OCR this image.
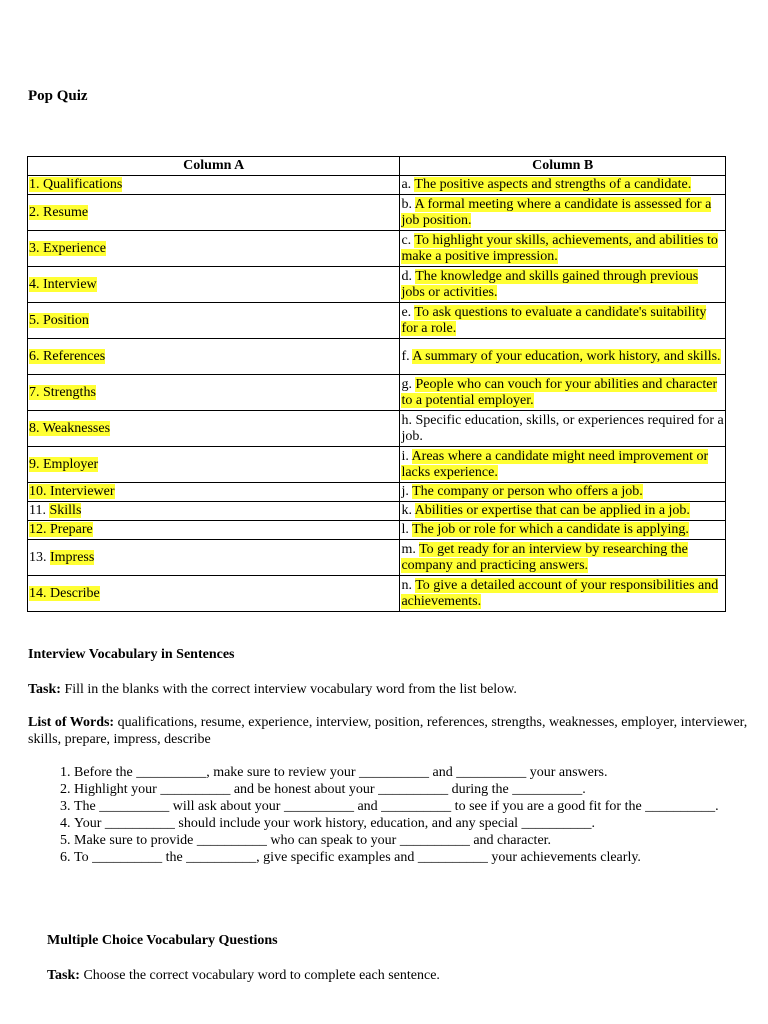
Pop Quiz
Column A	Column B
1. Qualifications	a. The positive aspects and strengths of a candidate.
2. Resume	b. A formal meeting where a candidate is assessed for a job position.
3. Experience	c. To highlight your skills, achievements, and abilities to make a positive impression.
4. Interview	d. The knowledge and skills gained through previous jobs or activities.
5. Position	e. To ask questions to evaluate a candidate's suitability for a role.
6. References	f. A summary of your education, work history, and skills.
7. Strengths	g. People who can vouch for your abilities and character to a potential employer.
8. Weaknesses	h. Specific education, skills, or experiences required for a job.
9. Employer	i. Areas where a candidate might need improvement or lacks experience.
10. Interviewer	j. The company or person who offers a job.
11. Skills	k. Abilities or expertise that can be applied in a job.
12. Prepare	l. The job or role for which a candidate is applying.
13. Impress	m. To get ready for an interview by researching the company and practicing answers.
14. Describe	n. To give a detailed account of your responsibilities and achievements.
Interview Vocabulary in Sentences
Task: Fill in the blanks with the correct interview vocabulary word from the list below.
List of Words: qualifications, resume, experience, interview, position, references, strengths, weaknesses, employer, interviewer, skills, prepare, impress, describe
1. Before the __________, make sure to review your __________ and __________ your answers.
2. Highlight your __________ and be honest about your __________ during the __________.
3. The __________ will ask about your __________ and __________ to see if you are a good fit for the __________.
4. Your __________ should include your work history, education, and any special __________.
5. Make sure to provide __________ who can speak to your __________ and character.
6. To __________ the __________, give specific examples and __________ your achievements clearly.
Multiple Choice Vocabulary Questions
Task: Choose the correct vocabulary word to complete each sentence.
